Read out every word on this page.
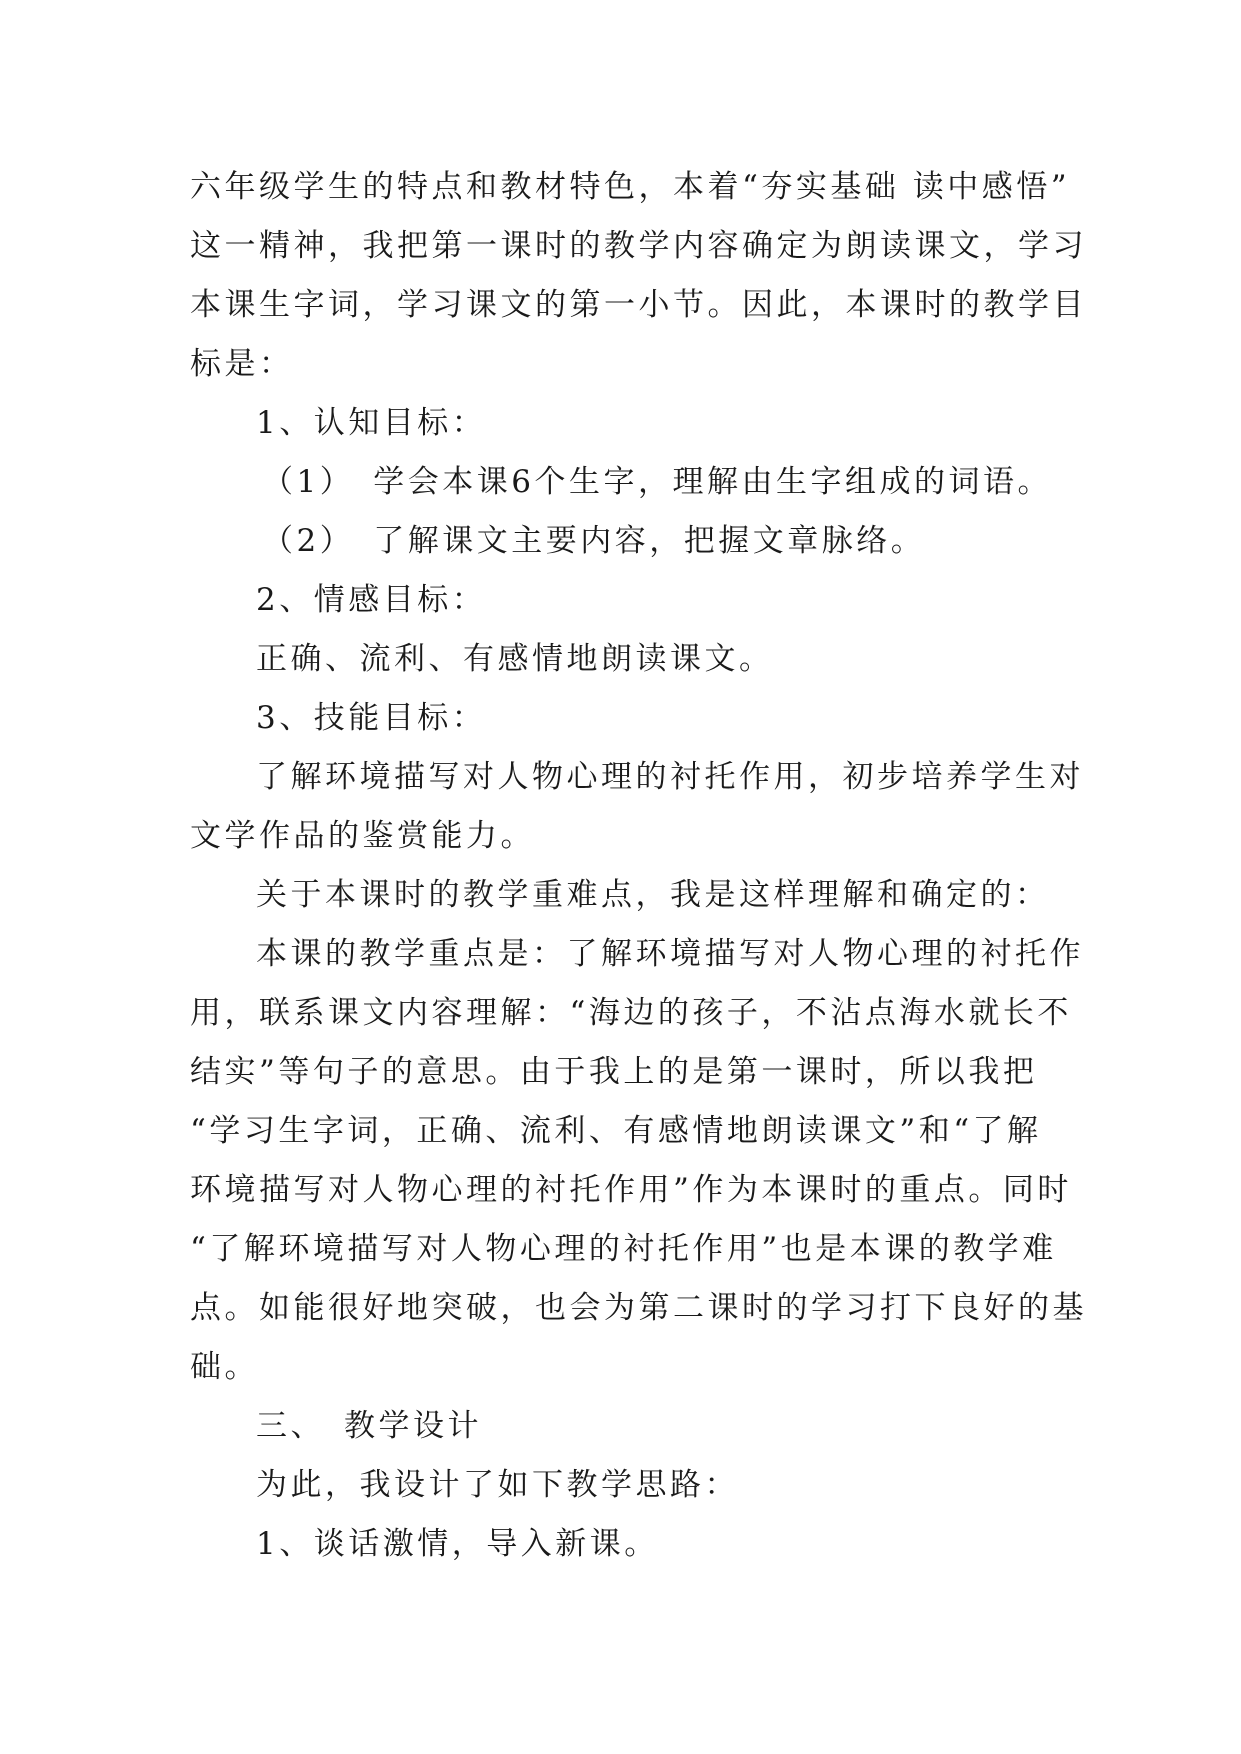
六年级学生的特点和教材特色，本着“夯实基础 读中感悟”
这一精神，我把第一课时的教学内容确定为朗读课文，学习
本课生字词，学习课文的第一小节。因此，本课时的教学目
标是：
1、认知目标：
（1）　学会本课6个生字，理解由生字组成的词语。
（2）　了解课文主要内容，把握文章脉络。
2、情感目标：
正确、流利、有感情地朗读课文。
3、技能目标：
了解环境描写对人物心理的衬托作用，初步培养学生对
文学作品的鉴赏能力。
关于本课时的教学重难点，我是这样理解和确定的：
本课的教学重点是：了解环境描写对人物心理的衬托作
用，联系课文内容理解：“海边的孩子，不沾点海水就长不
结实”等句子的意思。由于我上的是第一课时，所以我把
“学习生字词，正确、流利、有感情地朗读课文”和“了解
环境描写对人物心理的衬托作用”作为本课时的重点。同时
“了解环境描写对人物心理的衬托作用”也是本课的教学难
点。如能很好地突破，也会为第二课时的学习打下良好的基
础。
三、　教学设计
为此，我设计了如下教学思路：
1、谈话激情，导入新课。
